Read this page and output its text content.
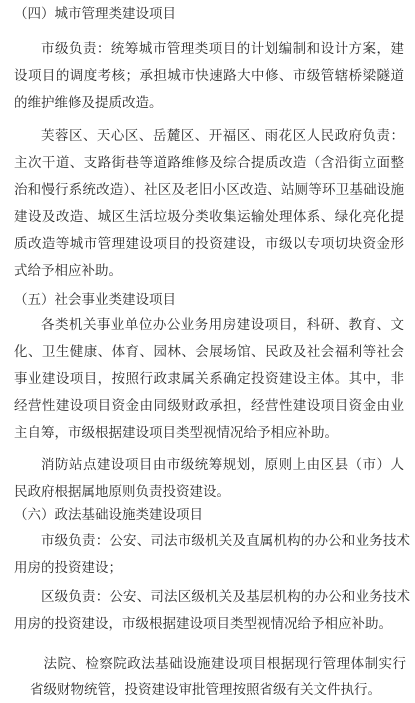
（四）城市管理类建设项目

市级负责：统筹城市管理类项目的计划编制和设计方案，建设项目的调度考核；承担城市快速路大中修、市级管辖桥梁隧道的维护维修及提质改造。

芙蓉区、天心区、岳麓区、开福区、雨花区人民政府负责：主次干道、支路街巷等道路维修及综合提质改造（含沿街立面整治和慢行系统改造）、社区及老旧小区改造、站厕等环卫基础设施建设及改造、城区生活垃圾分类收集运输处理体系、绿化亮化提质改造等城市管理建设项目的投资建设，市级以专项切块资金形式给予相应补助。

（五）社会事业类建设项目

各类机关事业单位办公业务用房建设项目，科研、教育、文化、卫生健康、体育、园林、会展场馆、民政及社会福利等社会事业建设项目，按照行政隶属关系确定投资建设主体。其中，非经营性建设项目资金由同级财政承担，经营性建设项目资金由业主自筹，市级根据建设项目类型视情况给予相应补助。

消防站点建设项目由市级统筹规划，原则上由区县（市）人民政府根据属地原则负责投资建设。

（六）政法基础设施类建设项目

市级负责：公安、司法市级机关及直属机构的办公和业务技术用房的投资建设；

区级负责：公安、司法区级机关及基层机构的办公和业务技术用房的投资建设，市级根据建设项目类型视情况给予相应补助。

法院、检察院政法基础设施建设项目根据现行管理体制实行省级财物统管，投资建设审批管理按照省级有关文件执行。
